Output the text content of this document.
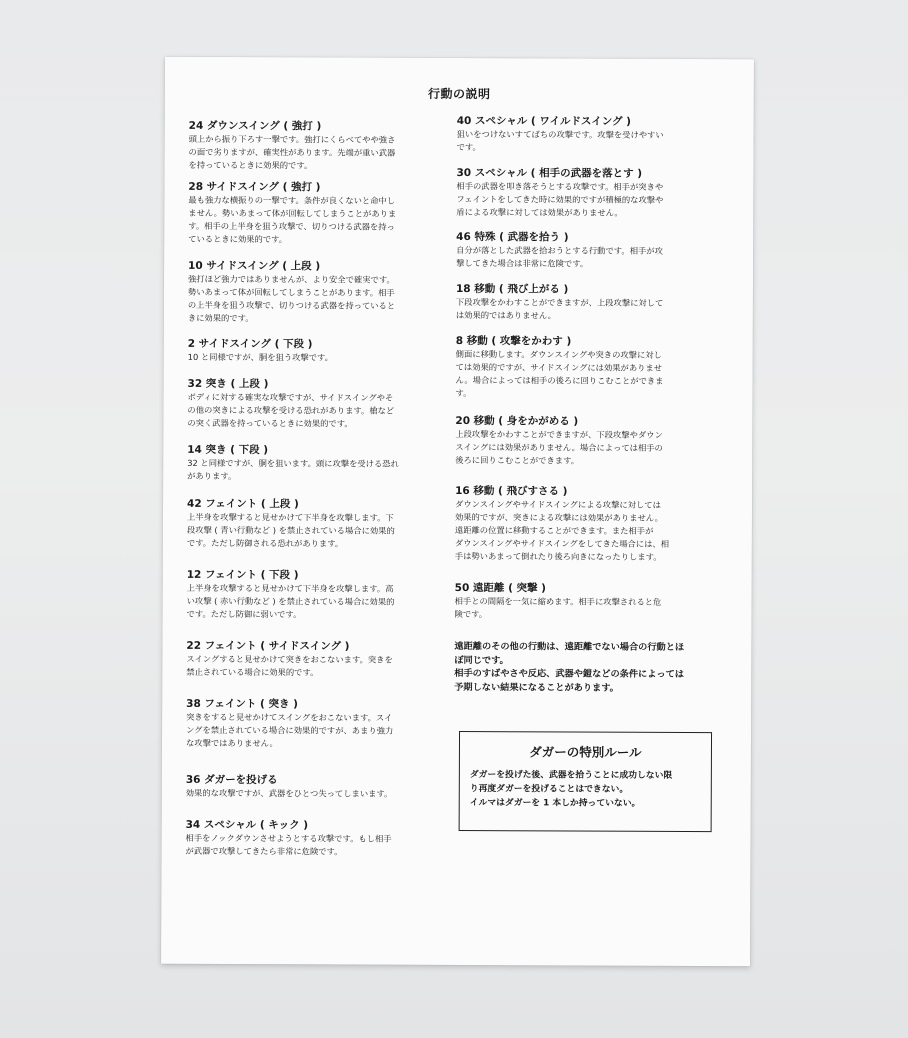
行動の説明
24 ダウンスイング ( 強打 )
頭上から振り下ろす一撃です。強打にくらべてやや強さ
の面で劣りますが、確実性があります。先端が重い武器
を持っているときに効果的です。
28 サイドスイング ( 強打 )
最も強力な横振りの一撃です。条件が良くないと命中し
ません。勢いあまって体が回転してしまうことがありま
す。相手の上半身を狙う攻撃で、切りつける武器を持っ
ているときに効果的です。
10 サイドスイング ( 上段 )
強打ほど強力ではありませんが、より安全で確実です。
勢いあまって体が回転してしまうことがあります。相手
の上半身を狙う攻撃で、切りつける武器を持っていると
きに効果的です。
2 サイドスイング ( 下段 )
10 と同様ですが、胴を狙う攻撃です。
32 突き ( 上段 )
ボディに対する確実な攻撃ですが、サイドスイングやそ
の他の突きによる攻撃を受ける恐れがあります。槍など
の突く武器を持っているときに効果的です。
14 突き ( 下段 )
32 と同様ですが、胴を狙います。頭に攻撃を受ける恐れ
があります。
42 フェイント ( 上段 )
上半身を攻撃すると見せかけて下半身を攻撃します。下
段攻撃 ( 青い行動など ) を禁止されている場合に効果的
です。ただし防御される恐れがあります。
12 フェイント ( 下段 )
上半身を攻撃すると見せかけて下半身を攻撃します。高
い攻撃 ( 赤い行動など ) を禁止されている場合に効果的
です。ただし防御に弱いです。
22 フェイント ( サイドスイング )
スイングすると見せかけて突きをおこないます。突きを
禁止されている場合に効果的です。
38 フェイント ( 突き )
突きをすると見せかけてスイングをおこないます。スイ
ングを禁止されている場合に効果的ですが、あまり強力
な攻撃ではありません。
36 ダガーを投げる
効果的な攻撃ですが、武器をひとつ失ってしまいます。
34 スペシャル ( キック )
相手をノックダウンさせようとする攻撃です。もし相手
が武器で攻撃してきたら非常に危険です。
40 スペシャル ( ワイルドスイング )
狙いをつけないすてばちの攻撃です。攻撃を受けやすい
です。
30 スペシャル ( 相手の武器を落とす )
相手の武器を叩き落そうとする攻撃です。相手が突きや
フェイントをしてきた時に効果的ですが積極的な攻撃や
盾による攻撃に対しては効果がありません。
46 特殊 ( 武器を拾う )
自分が落とした武器を拾おうとする行動です。相手が攻
撃してきた場合は非常に危険です。
18 移動 ( 飛び上がる )
下段攻撃をかわすことができますが、上段攻撃に対して
は効果的ではありません。
8 移動 ( 攻撃をかわす )
側面に移動します。ダウンスイングや突きの攻撃に対し
ては効果的ですが、サイドスイングには効果がありませ
ん。場合によっては相手の後ろに回りこむことができま
す。
20 移動 ( 身をかがめる )
上段攻撃をかわすことができますが、下段攻撃やダウン
スイングには効果がありません。場合によっては相手の
後ろに回りこむことができます。
16 移動 ( 飛びすさる )
ダウンスイングやサイドスイングによる攻撃に対しては
効果的ですが、突きによる攻撃には効果がありません。
遠距離の位置に移動することができます。また相手が
ダウンスイングやサイドスイングをしてきた場合には、相
手は勢いあまって倒れたり後ろ向きになったりします。
50 遠距離 ( 突撃 )
相手との間隔を一気に縮めます。相手に攻撃されると危
険です。
遠距離のその他の行動は、遠距離でない場合の行動とほ
ぼ同じです。
相手のすばやさや反応、武器や鎧などの条件によっては
予期しない結果になることがあります。
ダガーの特別ルール
ダガーを投げた後、武器を拾うことに成功しない限
り再度ダガーを投げることはできない。
イルマはダガーを 1 本しか持っていない。
